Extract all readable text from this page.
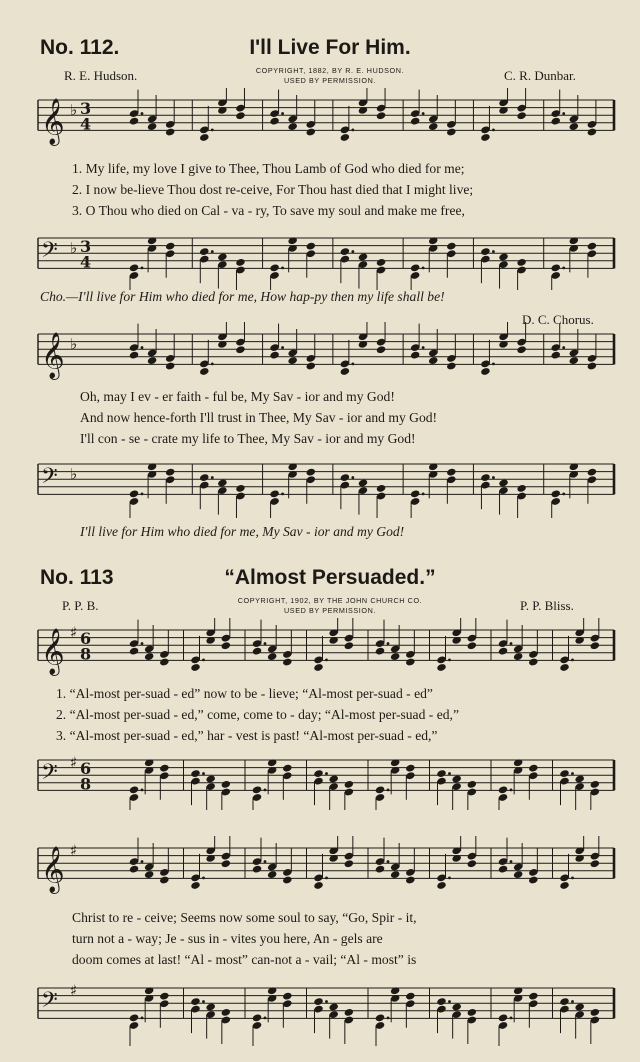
No. 112.	I'll Live For Him.
R. E. Hudson.	COPYRIGHT, 1882, BY R. E. HUDSON.
USED BY PERMISSION.	C. R. Dunbar.
𝄞 ♭ 3
4
1. My life, my love I give to Thee, Thou Lamb of God who died for me;
2. I now be-lieve Thou dost re-ceive, For Thou hast died that I might live;
3. O Thou who died on Cal - va - ry, To save my soul and make me free,
𝄢 ♭ 3
4
Cho.—I'll live for Him who died for me, How hap-py then my life shall be!
D. C. Chorus.
𝄞 ♭
Oh, may I ev - er faith - ful be, My Sav - ior and my God!
And now hence-forth I'll trust in Thee, My Sav - ior and my God!
I'll con - se - crate my life to Thee, My Sav - ior and my God!
𝄢 ♭
I'll live for Him who died for me, My Sav - ior and my God!
No. 113	“Almost Persuaded.”
P. P. B.	COPYRIGHT, 1902, BY THE JOHN CHURCH CO.
USED BY PERMISSION.	P. P. Bliss.
𝄞 ♯ 6
8
1. “Al-most per-suad - ed” now to be - lieve; “Al-most per-suad - ed”
2. “Al-most per-suad - ed,” come, come to - day; “Al-most per-suad - ed,”
3. “Al-most per-suad - ed,” har - vest is past! “Al-most per-suad - ed,”
𝄢 ♯ 6
8
𝄞 ♯
Christ to re - ceive; Seems now some soul to say, “Go, Spir - it,
turn not a - way; Je - sus in - vites you here, An - gels are
doom comes at last! “Al - most” can-not a - vail; “Al - most” is
𝄢 ♯
